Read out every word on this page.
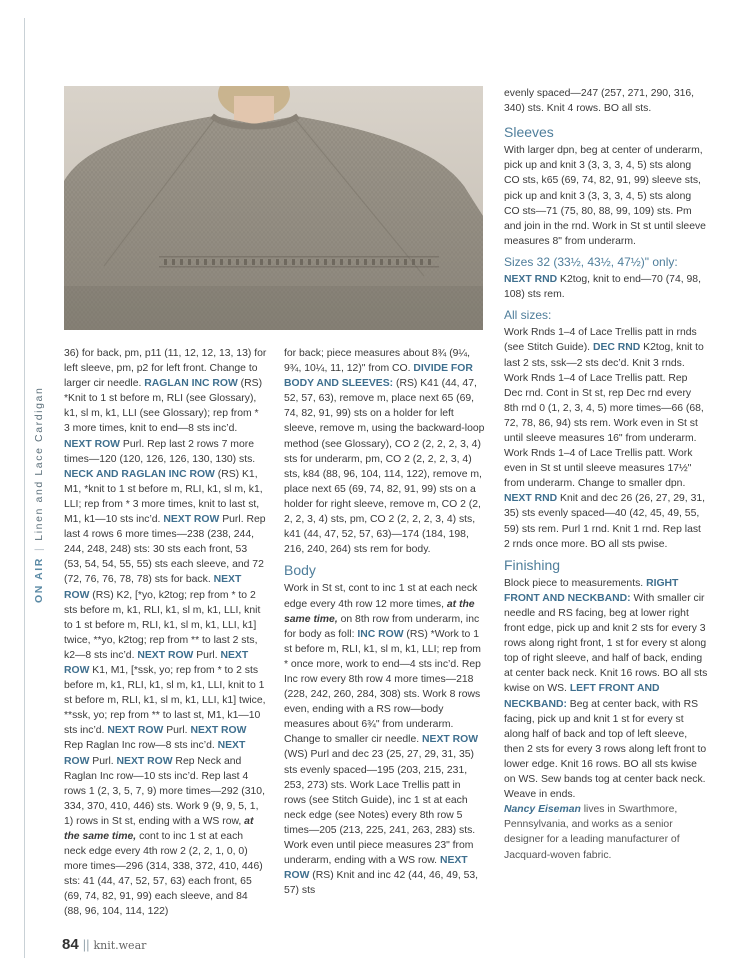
ON AIR|Linen and Lace Cardigan

36) for back, pm, p11 (11, 12, 12, 13, 13) for left sleeve, pm, p2 for left front. Change to larger cir needle. RAGLAN INC ROW (RS) *Knit to 1 st before m, RLI (see Glossary), k1, sl m, k1, LLI (see Glossary); rep from * 3 more times, knit to end—8 sts inc’d. NEXT ROW Purl. Rep last 2 rows 7 more times—120 (120, 126, 126, 130, 130) sts. NECK AND RAGLAN INC ROW (RS) K1, M1, *knit to 1 st before m, RLI, k1, sl m, k1, LLI; rep from * 3 more times, knit to last st, M1, k1—10 sts inc’d. NEXT ROW Purl. Rep last 4 rows 6 more times—238 (238, 244, 244, 248, 248) sts: 30 sts each front, 53 (53, 54, 54, 55, 55) sts each sleeve, and 72 (72, 76, 76, 78, 78) sts for back. NEXT ROW (RS) K2, [*yo, k2tog; rep from * to 2 sts before m, k1, RLI, k1, sl m, k1, LLI, knit to 1 st before m, RLI, k1, sl m, k1, LLI, k1] twice, **yo, k2tog; rep from ** to last 2 sts, k2—8 sts inc’d. NEXT ROW Purl. NEXT ROW K1, M1, [*ssk, yo; rep from * to 2 sts before m, k1, RLI, k1, sl m, k1, LLI, knit to 1 st before m, RLI, k1, sl m, k1, LLI, k1] twice, **ssk, yo; rep from ** to last st, M1, k1—10 sts inc’d. NEXT ROW Purl. NEXT ROW Rep Raglan Inc row—8 sts inc’d. NEXT ROW Purl. NEXT ROW Rep Neck and Raglan Inc row—10 sts inc’d. Rep last 4 rows 1 (2, 3, 5, 7, 9) more times—292 (310, 334, 370, 410, 446) sts. Work 9 (9, 9, 5, 1, 1) rows in St st, ending with a WS row, at the same time, cont to inc 1 st at each neck edge every 4th row 2 (2, 2, 1, 0, 0) more times—296 (314, 338, 372, 410, 446) sts: 41 (44, 47, 52, 57, 63) each front, 65 (69, 74, 82, 91, 99) each sleeve, and 84 (88, 96, 104, 114, 122)

for back; piece measures about 8¾ (9¼, 9¾, 10¼, 11, 12)" from CO. DIVIDE FOR BODY AND SLEEVES: (RS) K41 (44, 47, 52, 57, 63), remove m, place next 65 (69, 74, 82, 91, 99) sts on a holder for left sleeve, remove m, using the backward-loop method (see Glossary), CO 2 (2, 2, 2, 3, 4) sts for underarm, pm, CO 2 (2, 2, 2, 3, 4) sts, k84 (88, 96, 104, 114, 122), remove m, place next 65 (69, 74, 82, 91, 99) sts on a holder for right sleeve, remove m, CO 2 (2, 2, 2, 3, 4) sts, pm, CO 2 (2, 2, 2, 3, 4) sts, k41 (44, 47, 52, 57, 63)—174 (184, 198, 216, 240, 264) sts rem for body.

Body

Work in St st, cont to inc 1 st at each neck edge every 4th row 12 more times, at the same time, on 8th row from underarm, inc for body as foll: INC ROW (RS) *Work to 1 st before m, RLI, k1, sl m, k1, LLI; rep from * once more, work to end—4 sts inc’d. Rep Inc row every 8th row 4 more times—218 (228, 242, 260, 284, 308) sts. Work 8 rows even, ending with a RS row—body measures about 6¾" from underarm. Change to smaller cir needle. NEXT ROW (WS) Purl and dec 23 (25, 27, 29, 31, 35) sts evenly spaced—195 (203, 215, 231, 253, 273) sts. Work Lace Trellis patt in rows (see Stitch Guide), inc 1 st at each neck edge (see Notes) every 8th row 5 times—205 (213, 225, 241, 263, 283) sts. Work even until piece measures 23" from underarm, ending with a WS row. NEXT ROW (RS) Knit and inc 42 (44, 46, 49, 53, 57) sts

evenly spaced—247 (257, 271, 290, 316, 340) sts. Knit 4 rows. BO all sts.

Sleeves

With larger dpn, beg at center of underarm, pick up and knit 3 (3, 3, 3, 4, 5) sts along CO sts, k65 (69, 74, 82, 91, 99) sleeve sts, pick up and knit 3 (3, 3, 3, 4, 5) sts along CO sts—71 (75, 80, 88, 99, 109) sts. Pm and join in the rnd. Work in St st until sleeve measures 8" from underarm.

Sizes 32 (33½, 43½, 47½)" only:

NEXT RND K2tog, knit to end—70 (74, 98, 108) sts rem.

All sizes:

Work Rnds 1–4 of Lace Trellis patt in rnds (see Stitch Guide). DEC RND K2tog, knit to last 2 sts, ssk—2 sts dec’d. Knit 3 rnds. Work Rnds 1–4 of Lace Trellis patt. Rep Dec rnd. Cont in St st, rep Dec rnd every 8th rnd 0 (1, 2, 3, 4, 5) more times—66 (68, 72, 78, 86, 94) sts rem. Work even in St st until sleeve measures 16" from underarm. Work Rnds 1–4 of Lace Trellis patt. Work even in St st until sleeve measures 17½" from underarm. Change to smaller dpn. NEXT RND Knit and dec 26 (26, 27, 29, 31, 35) sts evenly spaced—40 (42, 45, 49, 55, 59) sts rem. Purl 1 rnd. Knit 1 rnd. Rep last 2 rnds once more. BO all sts pwise.

Finishing

Block piece to measurements. RIGHT FRONT AND NECKBAND: With smaller cir needle and RS facing, beg at lower right front edge, pick up and knit 2 sts for every 3 rows along right front, 1 st for every st along top of right sleeve, and half of back, ending at center back neck. Knit 16 rows. BO all sts kwise on WS. LEFT FRONT AND NECKBAND: Beg at center back, with RS facing, pick up and knit 1 st for every st along half of back and top of left sleeve, then 2 sts for every 3 rows along left front to lower edge. Knit 16 rows. BO all sts kwise on WS. Sew bands tog at center back neck. Weave in ends.

Nancy Eiseman lives in Swarthmore, Pennsylvania, and works as a senior designer for a leading manufacturer of Jacquard-woven fabric.

84 || knit.wear
